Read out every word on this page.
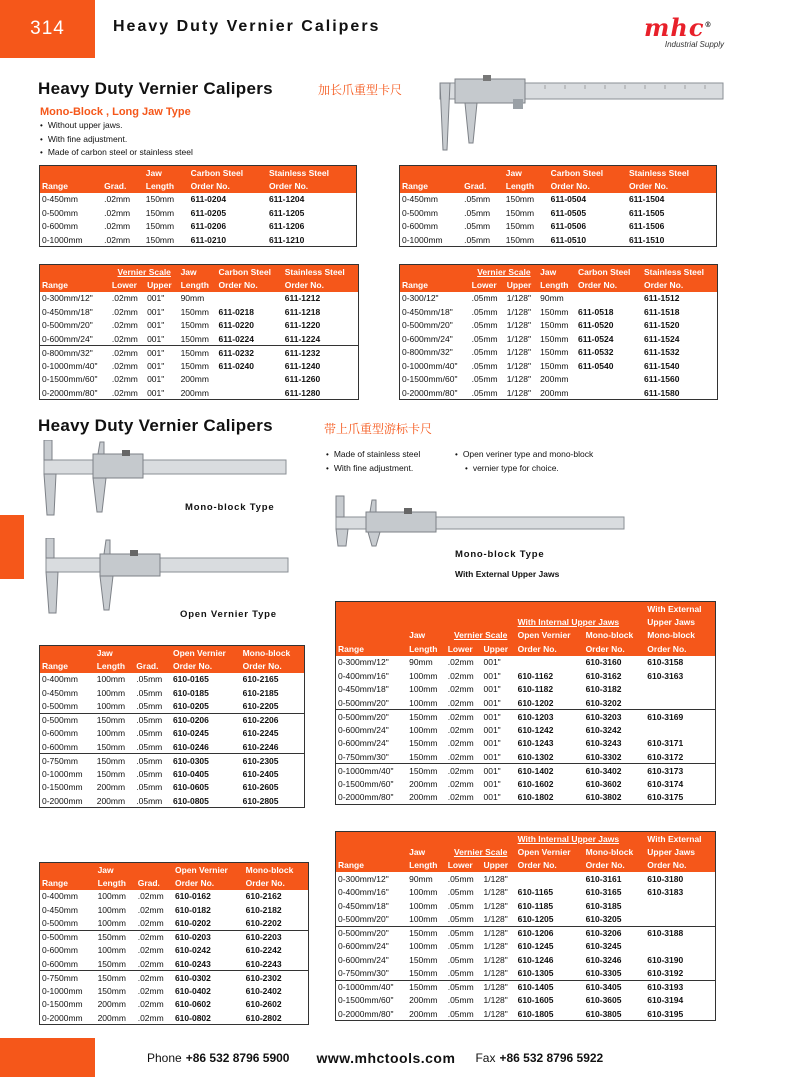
314	Heavy Duty Vernier Calipers	mhc®
Industrial Supply
Heavy Duty Vernier Calipers	加长爪重型卡尺
Mono-Block , Long Jaw Type
• Without upper jaws.
• With fine adjustment.
• Made of carbon steel or stainless steel
		Jaw	Carbon Steel	Stainless Steel
Range	Grad.	Length	Order No.	Order No.
0-450mm	.02mm	150mm	611-0204	611-1204
0-500mm	.02mm	150mm	611-0205	611-1205
0-600mm	.02mm	150mm	611-0206	611-1206
0-1000mm	.02mm	150mm	611-0210	611-1210
		Jaw	Carbon Steel	Stainless Steel
Range	Grad.	Length	Order No.	Order No.
0-450mm	.05mm	150mm	611-0504	611-1504
0-500mm	.05mm	150mm	611-0505	611-1505
0-600mm	.05mm	150mm	611-0506	611-1506
0-1000mm	.05mm	150mm	611-0510	611-1510
	Vernier Scale		Jaw	Carbon Steel	Stainless Steel
Range	Lower	Upper	Length	Order No.	Order No.
0-300mm/12"	.02mm	001"	90mm		611-1212
0-450mm/18"	.02mm	001"	150mm	611-0218	611-1218
0-500mm/20"	.02mm	001"	150mm	611-0220	611-1220
0-600mm/24"	.02mm	001"	150mm	611-0224	611-1224
0-800mm/32"	.02mm	001"	150mm	611-0232	611-1232
0-1000mm/40"	.02mm	001"	150mm	611-0240	611-1240
0-1500mm/60"	.02mm	001"	200mm		611-1260
0-2000mm/80"	.02mm	001"	200mm		611-1280
	Vernier Scale		Jaw	Carbon Steel	Stainless Steel
Range	Lower	Upper	Length	Order No.	Order No.
0-300/12"	.05mm	1/128"	90mm		611-1512
0-450mm/18"	.05mm	1/128"	150mm	611-0518	611-1518
0-500mm/20"	.05mm	1/128"	150mm	611-0520	611-1520
0-600mm/24"	.05mm	1/128"	150mm	611-0524	611-1524
0-800mm/32"	.05mm	1/128"	150mm	611-0532	611-1532
0-1000mm/40"	.05mm	1/128"	150mm	611-0540	611-1540
0-1500mm/60"	.05mm	1/128"	200mm		611-1560
0-2000mm/80"	.05mm	1/128"	200mm		611-1580
Heavy Duty Vernier Calipers	带上爪重型游标卡尺
• Made of stainless steel
• With fine adjustment.
• Open veriner type and mono-block
• vernier type for choice.
Mono-block Type
Open Vernier Type
Mono-block Type
With External Upper Jaws
	Jaw		Open Vernier	Mono-block
Range	Length	Grad.	Order No.	Order No.
0-400mm	100mm	.05mm	610-0165	610-2165
0-450mm	100mm	.05mm	610-0185	610-2185
0-500mm	100mm	.05mm	610-0205	610-2205
0-500mm	150mm	.05mm	610-0206	610-2206
0-600mm	100mm	.05mm	610-0245	610-2245
0-600mm	150mm	.05mm	610-0246	610-2246
0-750mm	150mm	.05mm	610-0305	610-2305
0-1000mm	150mm	.05mm	610-0405	610-2405
0-1500mm	200mm	.05mm	610-0605	610-2605
0-2000mm	200mm	.05mm	610-0805	610-2805
	Jaw		Open Vernier	Mono-block
Range	Length	Grad.	Order No.	Order No.
0-400mm	100mm	.02mm	610-0162	610-2162
0-450mm	100mm	.02mm	610-0182	610-2182
0-500mm	100mm	.02mm	610-0202	610-2202
0-500mm	150mm	.02mm	610-0203	610-2203
0-600mm	100mm	.02mm	610-0242	610-2242
0-600mm	150mm	.02mm	610-0243	610-2243
0-750mm	150mm	.02mm	610-0302	610-2302
0-1000mm	150mm	.02mm	610-0402	610-2402
0-1500mm	200mm	.02mm	610-0602	610-2602
0-2000mm	200mm	.02mm	610-0802	610-2802
						With External
				With Internal Upper Jaws		Upper Jaws
	Jaw	Vernier Scale		Open Vernier	Mono-block	Mono-block
Range	Length	Lower	Upper	Order No.	Order No.	Order No.
0-300mm/12"	90mm	.02mm	001"		610-3160	610-3158
0-400mm/16"	100mm	.02mm	001"	610-1162	610-3162	610-3163
0-450mm/18"	100mm	.02mm	001"	610-1182	610-3182	
0-500mm/20"	100mm	.02mm	001"	610-1202	610-3202	
0-500mm/20"	150mm	.02mm	001"	610-1203	610-3203	610-3169
0-600mm/24"	100mm	.02mm	001"	610-1242	610-3242	
0-600mm/24"	150mm	.02mm	001"	610-1243	610-3243	610-3171
0-750mm/30"	150mm	.02mm	001"	610-1302	610-3302	610-3172
0-1000mm/40"	150mm	.02mm	001"	610-1402	610-3402	610-3173
0-1500mm/60"	200mm	.02mm	001"	610-1602	610-3602	610-3174
0-2000mm/80"	200mm	.02mm	001"	610-1802	610-3802	610-3175
				With Internal Upper Jaws		With External
	Jaw	Vernier Scale		Open Vernier	Mono-block	Upper Jaws
Range	Length	Lower	Upper	Order No.	Order No.	Order No.
0-300mm/12"	90mm	.05mm	1/128"		610-3161	610-3180
0-400mm/16"	100mm	.05mm	1/128"	610-1165	610-3165	610-3183
0-450mm/18"	100mm	.05mm	1/128"	610-1185	610-3185	
0-500mm/20"	100mm	.05mm	1/128"	610-1205	610-3205	
0-500mm/20"	150mm	.05mm	1/128"	610-1206	610-3206	610-3188
0-600mm/24"	100mm	.05mm	1/128"	610-1245	610-3245	
0-600mm/24"	150mm	.05mm	1/128"	610-1246	610-3246	610-3190
0-750mm/30"	150mm	.05mm	1/128"	610-1305	610-3305	610-3192
0-1000mm/40"	150mm	.05mm	1/128"	610-1405	610-3405	610-3193
0-1500mm/60"	200mm	.05mm	1/128"	610-1605	610-3605	610-3194
0-2000mm/80"	200mm	.05mm	1/128"	610-1805	610-3805	610-3195
Phone +86 532 8796 5900 www.mhctools.com Fax +86 532 8796 5922
